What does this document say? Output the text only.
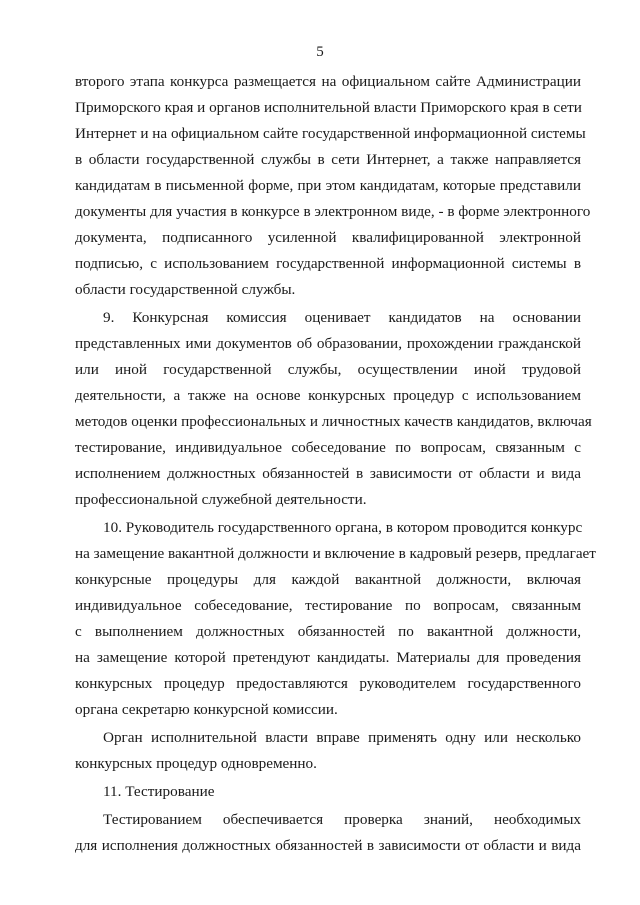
5
второго этапа конкурса размещается на официальном сайте Администрации
Приморского края и органов исполнительной власти Приморского края в сети
Интернет и на официальном сайте государственной информационной системы
в области государственной службы в сети Интернет, а также направляется
кандидатам в письменной форме, при этом кандидатам, которые представили
документы для участия в конкурсе в электронном виде, - в форме электронного
документа, подписанного усиленной квалифицированной электронной
подписью, с использованием государственной информационной системы в
области государственной службы.
9. Конкурсная комиссия оценивает кандидатов на основании
представленных ими документов об образовании, прохождении гражданской
или иной государственной службы, осуществлении иной трудовой
деятельности, а также на основе конкурсных процедур с использованием
методов оценки профессиональных и личностных качеств кандидатов, включая
тестирование, индивидуальное собеседование по вопросам, связанным с
исполнением должностных обязанностей в зависимости от области и вида
профессиональной служебной деятельности.
10. Руководитель государственного органа, в котором проводится конкурс
на замещение вакантной должности и включение в кадровый резерв, предлагает
конкурсные процедуры для каждой вакантной должности, включая
индивидуальное собеседование, тестирование по вопросам, связанным
с выполнением должностных обязанностей по вакантной должности,
на замещение которой претендуют кандидаты. Материалы для проведения
конкурсных процедур предоставляются руководителем государственного
органа секретарю конкурсной комиссии.
Орган исполнительной власти вправе применять одну или несколько
конкурсных процедур одновременно.
11. Тестирование
Тестированием обеспечивается проверка знаний, необходимых
для исполнения должностных обязанностей в зависимости от области и вида
